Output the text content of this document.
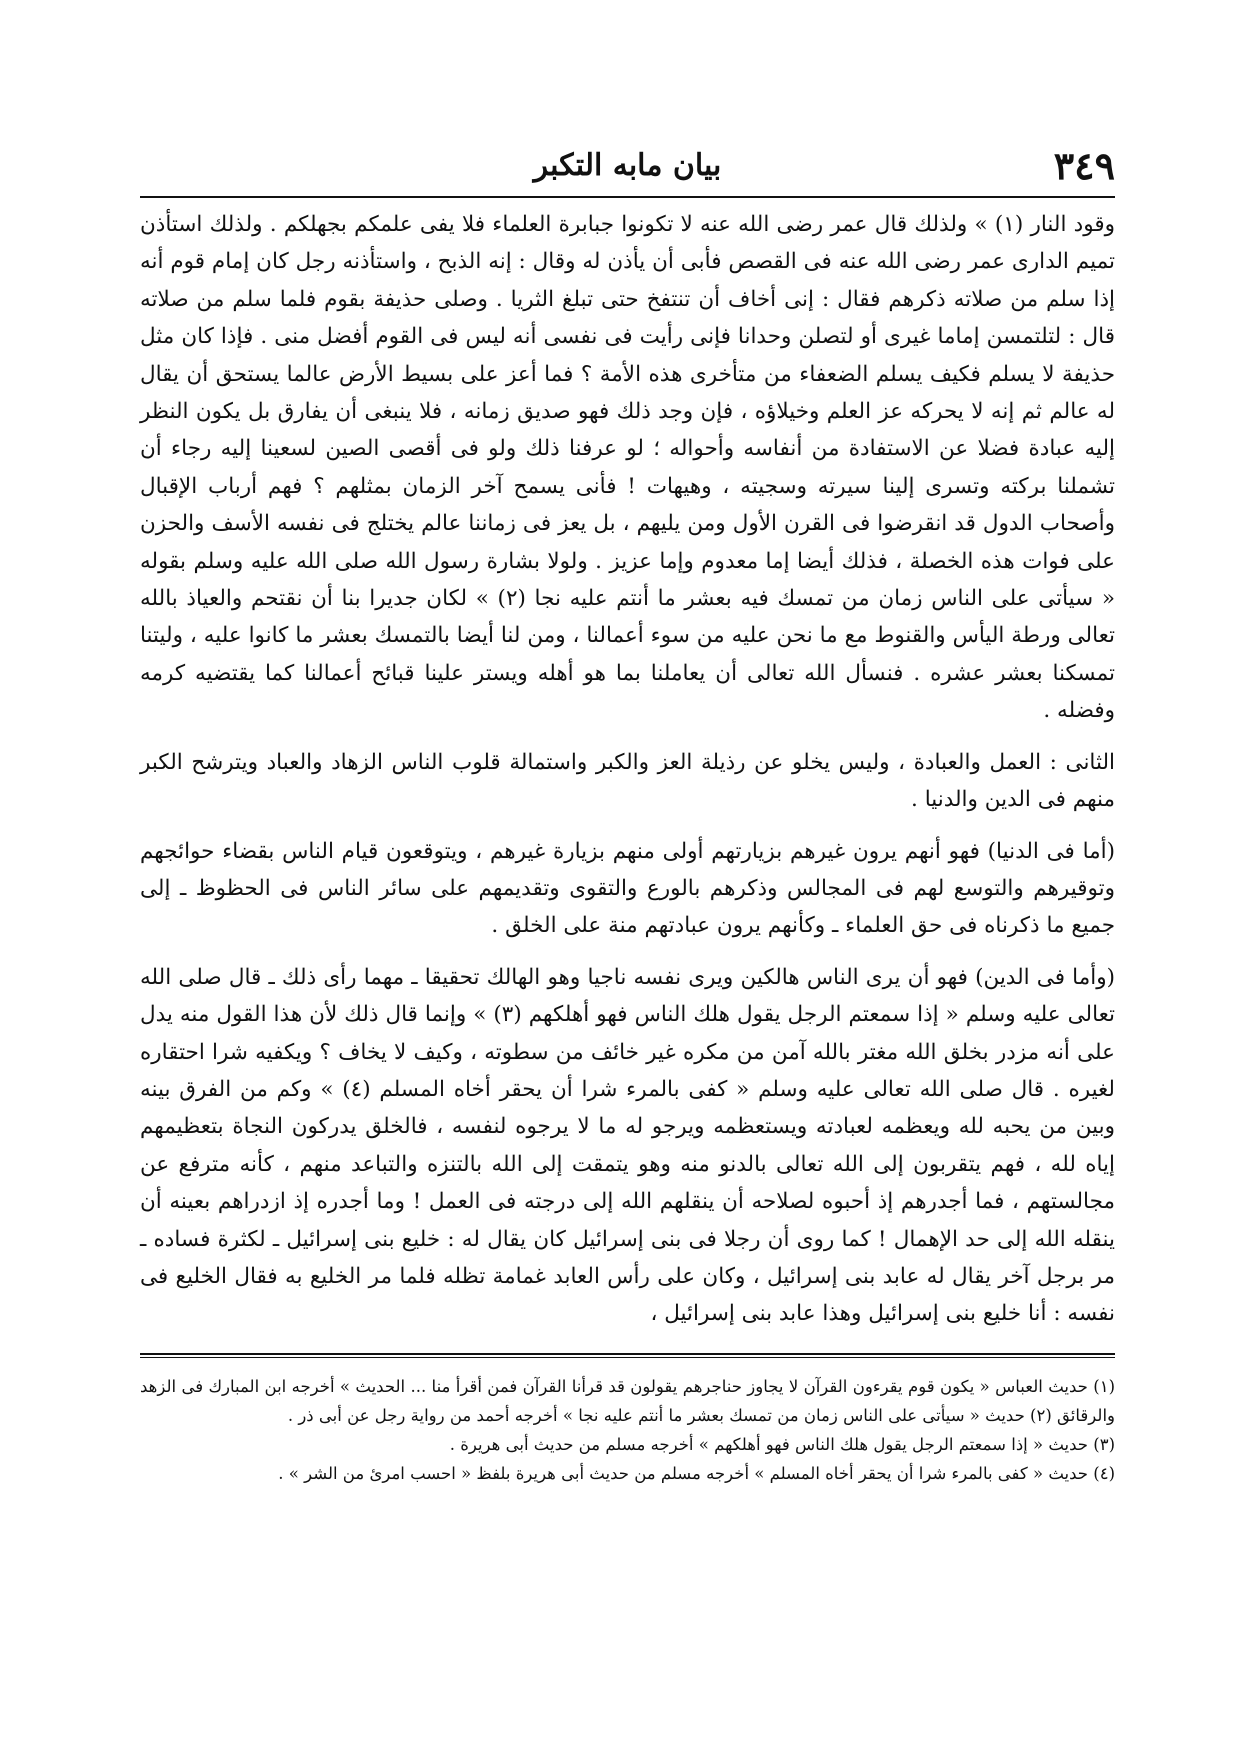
٣٤٩
بيان مابه التكبر

وقود النار (١) » ولذلك قال عمر رضى الله عنه لا تكونوا جبابرة العلماء فلا يفى علمكم بجهلكم . ولذلك استأذن تميم الدارى عمر رضى الله عنه فى القصص فأبى أن يأذن له وقال : إنه الذبح ، واستأذنه رجل كان إمام قوم أنه إذا سلم من صلاته ذكرهم فقال : إنى أخاف أن تنتفخ حتى تبلغ الثريا . وصلى حذيفة بقوم فلما سلم من صلاته قال : لتلتمسن إماما غيرى أو لتصلن وحدانا فإنى رأيت فى نفسى أنه ليس فى القوم أفضل منى . فإذا كان مثل حذيفة لا يسلم فكيف يسلم الضعفاء من متأخرى هذه الأمة ؟ فما أعز على بسيط الأرض عالما يستحق أن يقال له عالم ثم إنه لا يحركه عز العلم وخيلاؤه ، فإن وجد ذلك فهو صديق زمانه ، فلا ينبغى أن يفارق بل يكون النظر إليه عبادة فضلا عن الاستفادة من أنفاسه وأحواله ؛ لو عرفنا ذلك ولو فى أقصى الصين لسعينا إليه رجاء أن تشملنا بركته وتسرى إلينا سيرته وسجيته ، وهيهات ! فأنى يسمح آخر الزمان بمثلهم ؟ فهم أرباب الإقبال وأصحاب الدول قد انقرضوا فى القرن الأول ومن يليهم ، بل يعز فى زماننا عالم يختلج فى نفسه الأسف والحزن على فوات هذه الخصلة ، فذلك أيضا إما معدوم وإما عزيز . ولولا بشارة رسول الله صلى الله عليه وسلم بقوله « سيأتى على الناس زمان من تمسك فيه بعشر ما أنتم عليه نجا (٢) » لكان جديرا بنا أن نقتحم والعياذ بالله تعالى ورطة اليأس والقنوط مع ما نحن عليه من سوء أعمالنا ، ومن لنا أيضا بالتمسك بعشر ما كانوا عليه ، وليتنا تمسكنا بعشر عشره . فنسأل الله تعالى أن يعاملنا بما هو أهله ويستر علينا قبائح أعمالنا كما يقتضيه كرمه وفضله .

الثانى : العمل والعبادة ، وليس يخلو عن رذيلة العز والكبر واستمالة قلوب الناس الزهاد والعباد ويترشح الكبر منهم فى الدين والدنيا .

(أما فى الدنيا) فهو أنهم يرون غيرهم بزيارتهم أولى منهم بزيارة غيرهم ، ويتوقعون قيام الناس بقضاء حوائجهم وتوقيرهم والتوسع لهم فى المجالس وذكرهم بالورع والتقوى وتقديمهم على سائر الناس فى الحظوظ ـ إلى جميع ما ذكرناه فى حق العلماء ـ وكأنهم يرون عبادتهم منة على الخلق .

(وأما فى الدين) فهو أن يرى الناس هالكين ويرى نفسه ناجيا وهو الهالك تحقيقا ـ مهما رأى ذلك ـ قال صلى الله تعالى عليه وسلم « إذا سمعتم الرجل يقول هلك الناس فهو أهلكهم (٣) » وإنما قال ذلك لأن هذا القول منه يدل على أنه مزدر بخلق الله مغتر بالله آمن من مكره غير خائف من سطوته ، وكيف لا يخاف ؟ ويكفيه شرا احتقاره لغيره . قال صلى الله تعالى عليه وسلم « كفى بالمرء شرا أن يحقر أخاه المسلم (٤) » وكم من الفرق بينه وبين من يحبه لله ويعظمه لعبادته ويستعظمه ويرجو له ما لا يرجوه لنفسه ، فالخلق يدركون النجاة بتعظيمهم إياه لله ، فهم يتقربون إلى الله تعالى بالدنو منه وهو يتمقت إلى الله بالتنزه والتباعد منهم ، كأنه مترفع عن مجالستهم ، فما أجدرهم إذ أحبوه لصلاحه أن ينقلهم الله إلى درجته فى العمل ! وما أجدره إذ ازدراهم بعينه أن ينقله الله إلى حد الإهمال ! كما روى أن رجلا فى بنى إسرائيل كان يقال له : خليع بنى إسرائيل ـ لكثرة فساده ـ مر برجل آخر يقال له عابد بنى إسرائيل ، وكان على رأس العابد غمامة تظله فلما مر الخليع به فقال الخليع فى نفسه : أنا خليع بنى إسرائيل وهذا عابد بنى إسرائيل ،

(١) حديث العباس « يكون قوم يقرءون القرآن لا يجاوز حناجرهم يقولون قد قرأنا القرآن فمن أقرأ منا ... الحديث » أخرجه ابن المبارك فى الزهد والرقائق (٢) حديث « سيأتى على الناس زمان من تمسك بعشر ما أنتم عليه نجا » أخرجه أحمد من رواية رجل عن أبى ذر .

(٣) حديث « إذا سمعتم الرجل يقول هلك الناس فهو أهلكهم » أخرجه مسلم من حديث أبى هريرة .

(٤) حديث « كفى بالمرء شرا أن يحقر أخاه المسلم » أخرجه مسلم من حديث أبى هريرة بلفظ « احسب امرئ من الشر » .
